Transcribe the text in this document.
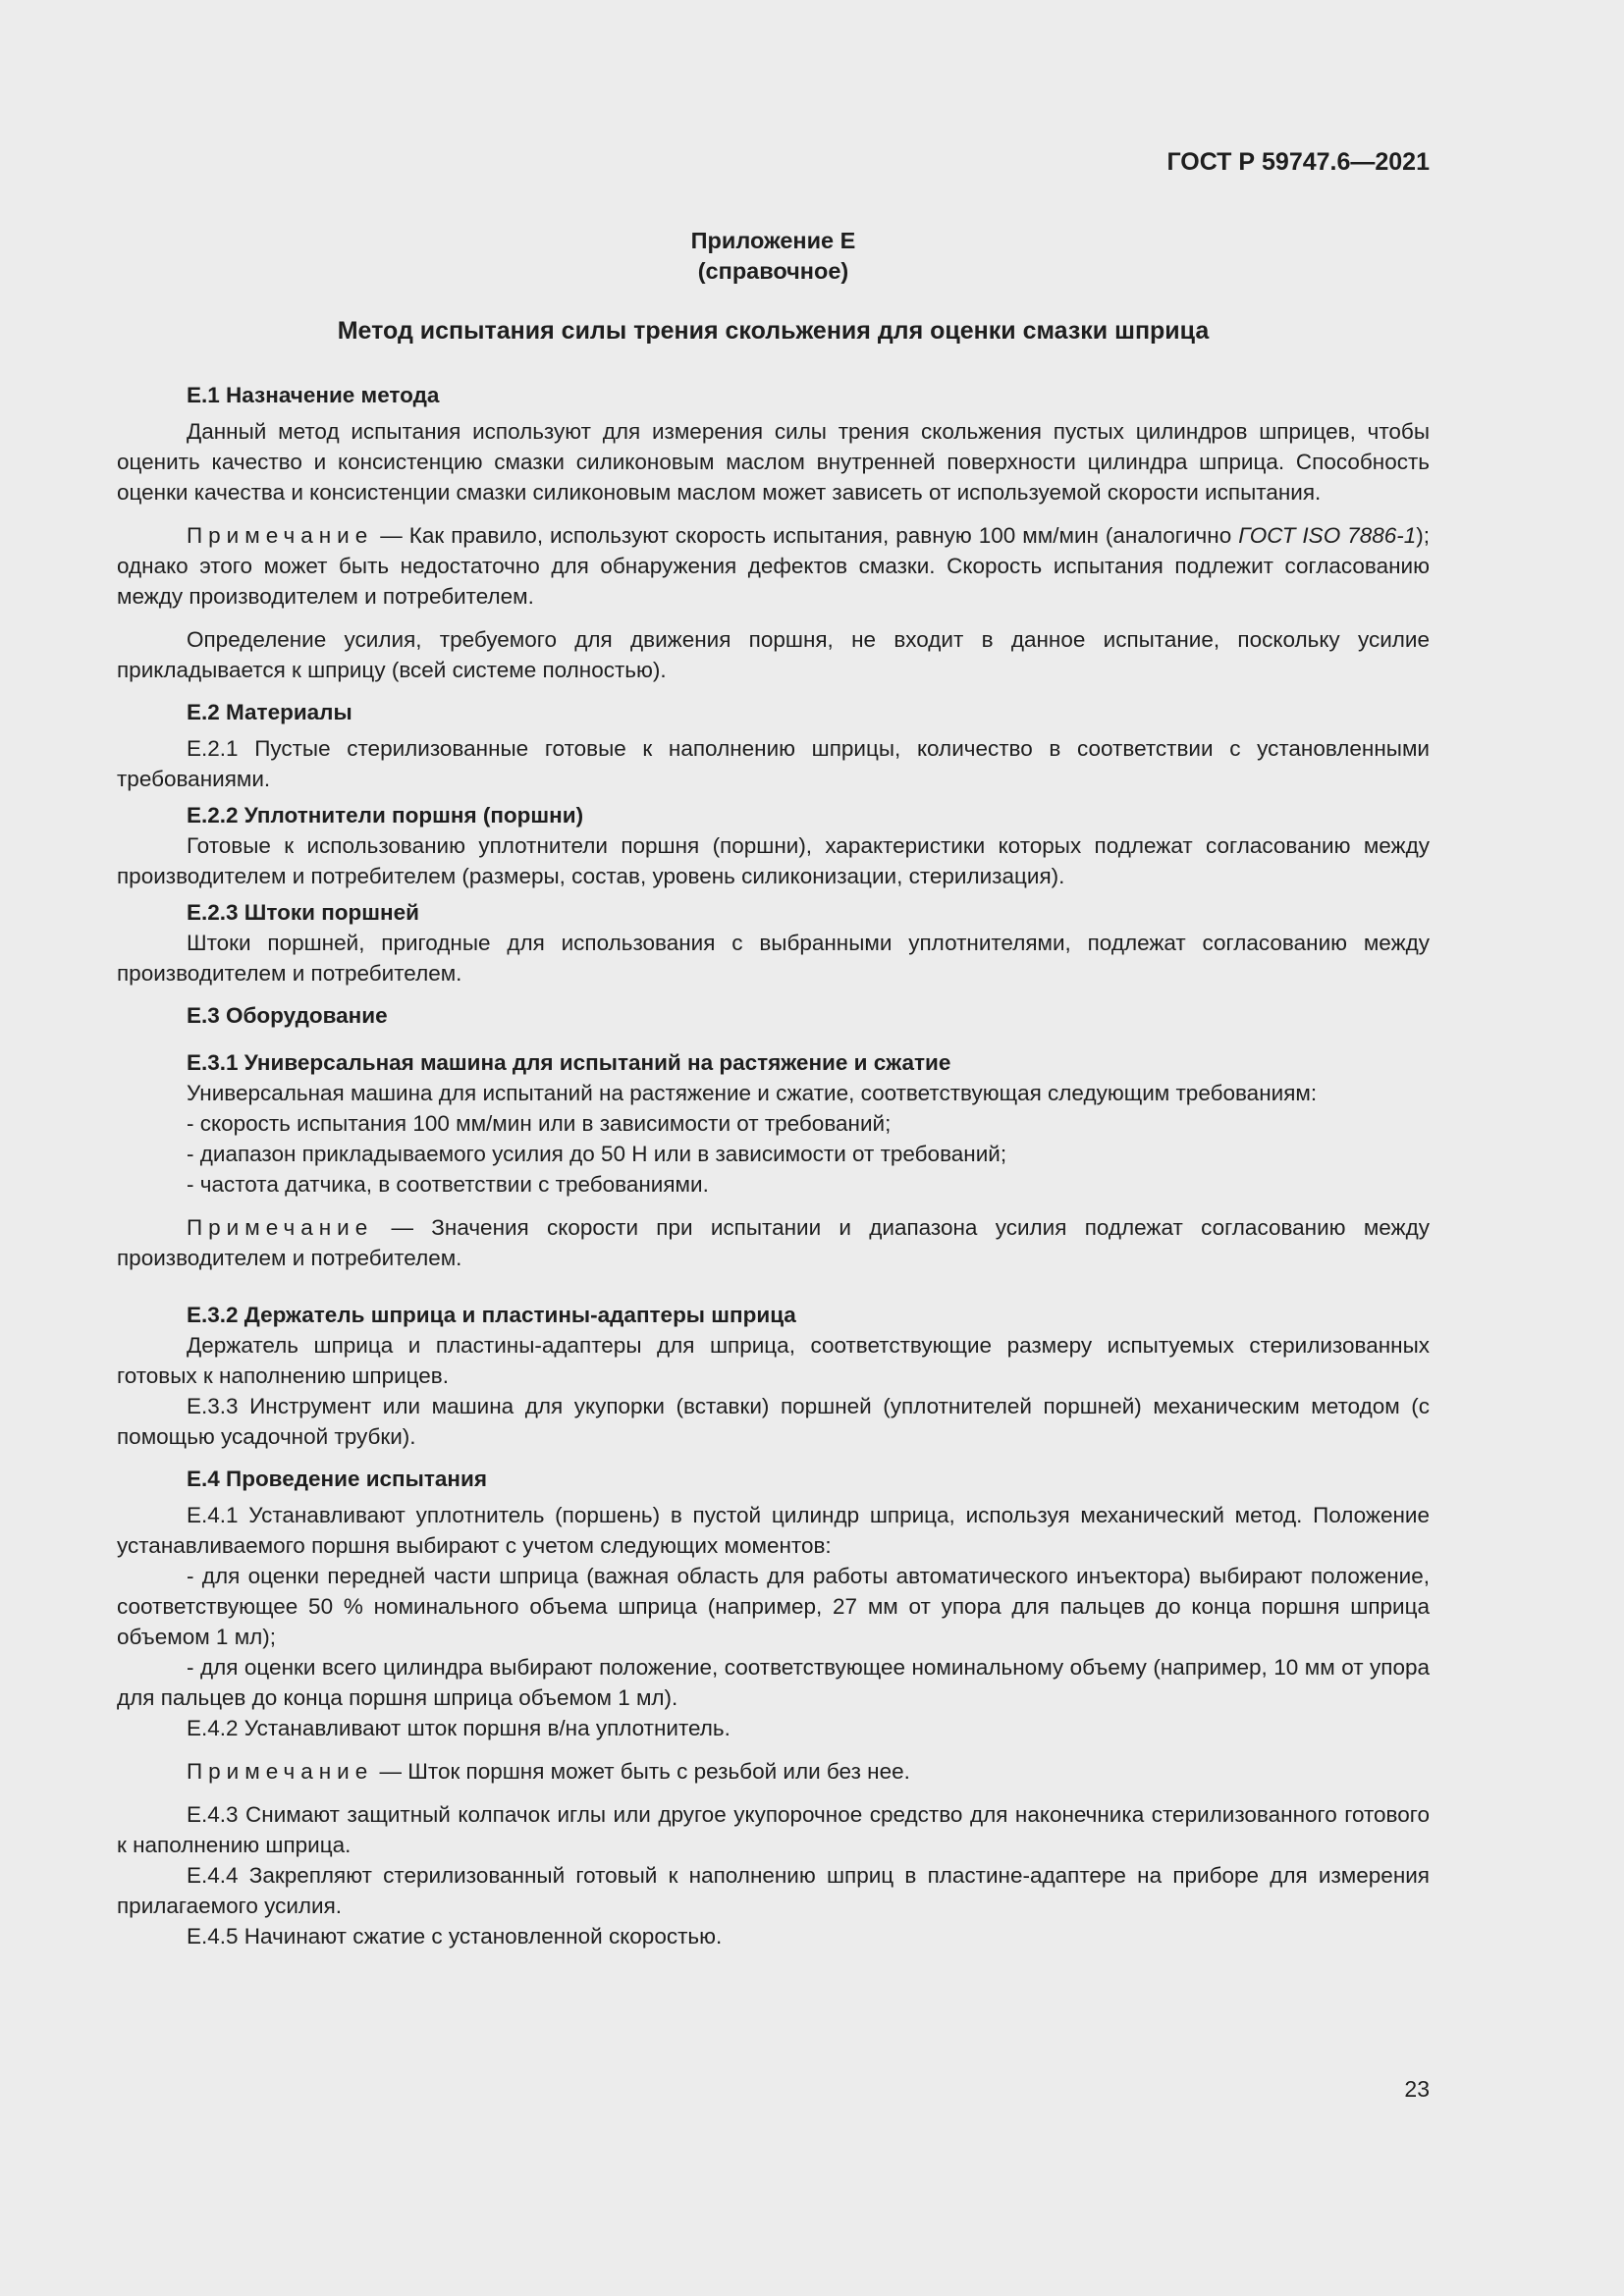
ГОСТ Р 59747.6—2021
Приложение Е
(справочное)
Метод испытания силы трения скольжения для оценки смазки шприца
Е.1 Назначение метода

Данный метод испытания используют для измерения силы трения скольжения пустых цилиндров шприцев, чтобы оценить качество и консистенцию смазки силиконовым маслом внутренней поверхности цилиндра шприца. Способность оценки качества и консистенции смазки силиконовым маслом может зависеть от используемой скорости испытания.

Примечание — Как правило, используют скорость испытания, равную 100 мм/мин (аналогично ГОСТ ISO 7886-1); однако этого может быть недостаточно для обнаружения дефектов смазки. Скорость испытания подлежит согласованию между производителем и потребителем.

Определение усилия, требуемого для движения поршня, не входит в данное испытание, поскольку усилие прикладывается к шприцу (всей системе полностью).

Е.2 Материалы

Е.2.1 Пустые стерилизованные готовые к наполнению шприцы, количество в соответствии с установленными требованиями.

Е.2.2 Уплотнители поршня (поршни)

Готовые к использованию уплотнители поршня (поршни), характеристики которых подлежат согласованию между производителем и потребителем (размеры, состав, уровень силиконизации, стерилизация).

Е.2.3 Штоки поршней

Штоки поршней, пригодные для использования с выбранными уплотнителями, подлежат согласованию между производителем и потребителем.

Е.3 Оборудование
Е.3.1 Универсальная машина для испытаний на растяжение и сжатие

Универсальная машина для испытаний на растяжение и сжатие, соответствующая следующим требованиям:

- скорость испытания 100 мм/мин или в зависимости от требований;

- диапазон прикладываемого усилия до 50 Н или в зависимости от требований;

- частота датчика, в соответствии с требованиями.

Примечание — Значения скорости при испытании и диапазона усилия подлежат согласованию между производителем и потребителем.

Е.3.2 Держатель шприца и пластины-адаптеры шприца

Держатель шприца и пластины-адаптеры для шприца, соответствующие размеру испытуемых стерилизованных готовых к наполнению шприцев.

Е.3.3 Инструмент или машина для укупорки (вставки) поршней (уплотнителей поршней) механическим методом (с помощью усадочной трубки).

Е.4 Проведение испытания

Е.4.1 Устанавливают уплотнитель (поршень) в пустой цилиндр шприца, используя механический метод. Положение устанавливаемого поршня выбирают с учетом следующих моментов:

- для оценки передней части шприца (важная область для работы автоматического инъектора) выбирают положение, соответствующее 50 % номинального объема шприца (например, 27 мм от упора для пальцев до конца поршня шприца объемом 1 мл);

- для оценки всего цилиндра выбирают положение, соответствующее номинальному объему (например, 10 мм от упора для пальцев до конца поршня шприца объемом 1 мл).

Е.4.2 Устанавливают шток поршня в/на уплотнитель.

Примечание — Шток поршня может быть с резьбой или без нее.

Е.4.3 Снимают защитный колпачок иглы или другое укупорочное средство для наконечника стерилизованного готового к наполнению шприца.

Е.4.4 Закрепляют стерилизованный готовый к наполнению шприц в пластине-адаптере на приборе для измерения прилагаемого усилия.

Е.4.5 Начинают сжатие с установленной скоростью.

23
